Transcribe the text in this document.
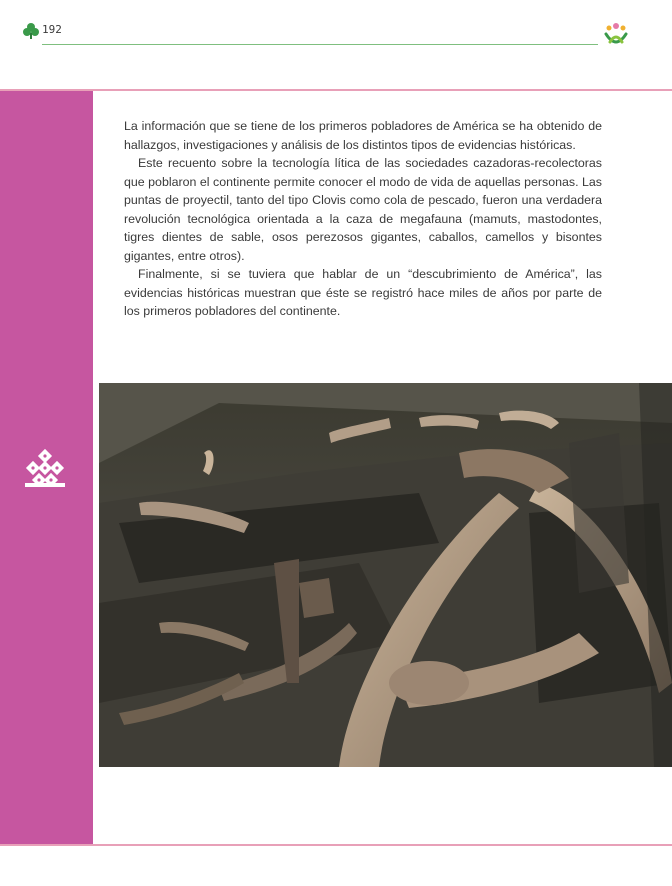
192

La información que se tiene de los primeros pobladores de América se ha obtenido de hallazgos, investigaciones y análisis de los distintos tipos de evidencias históricas.

Este recuento sobre la tecnología lítica de las sociedades cazadoras-recolectoras que poblaron el continente permite conocer el modo de vida de aquellas personas. Las puntas de proyectil, tanto del tipo Clovis como cola de pescado, fueron una verdadera revolución tecnológica orientada a la caza de megafauna (mamuts, mastodontes, tigres dientes de sable, osos perezosos gigantes, caballos, camellos y bisontes gigantes, entre otros).

Finalmente, si se tuviera que hablar de un “descubrimiento de América”, las evidencias históricas muestran que éste se registró hace miles de años por parte de los primeros pobladores del continente.
